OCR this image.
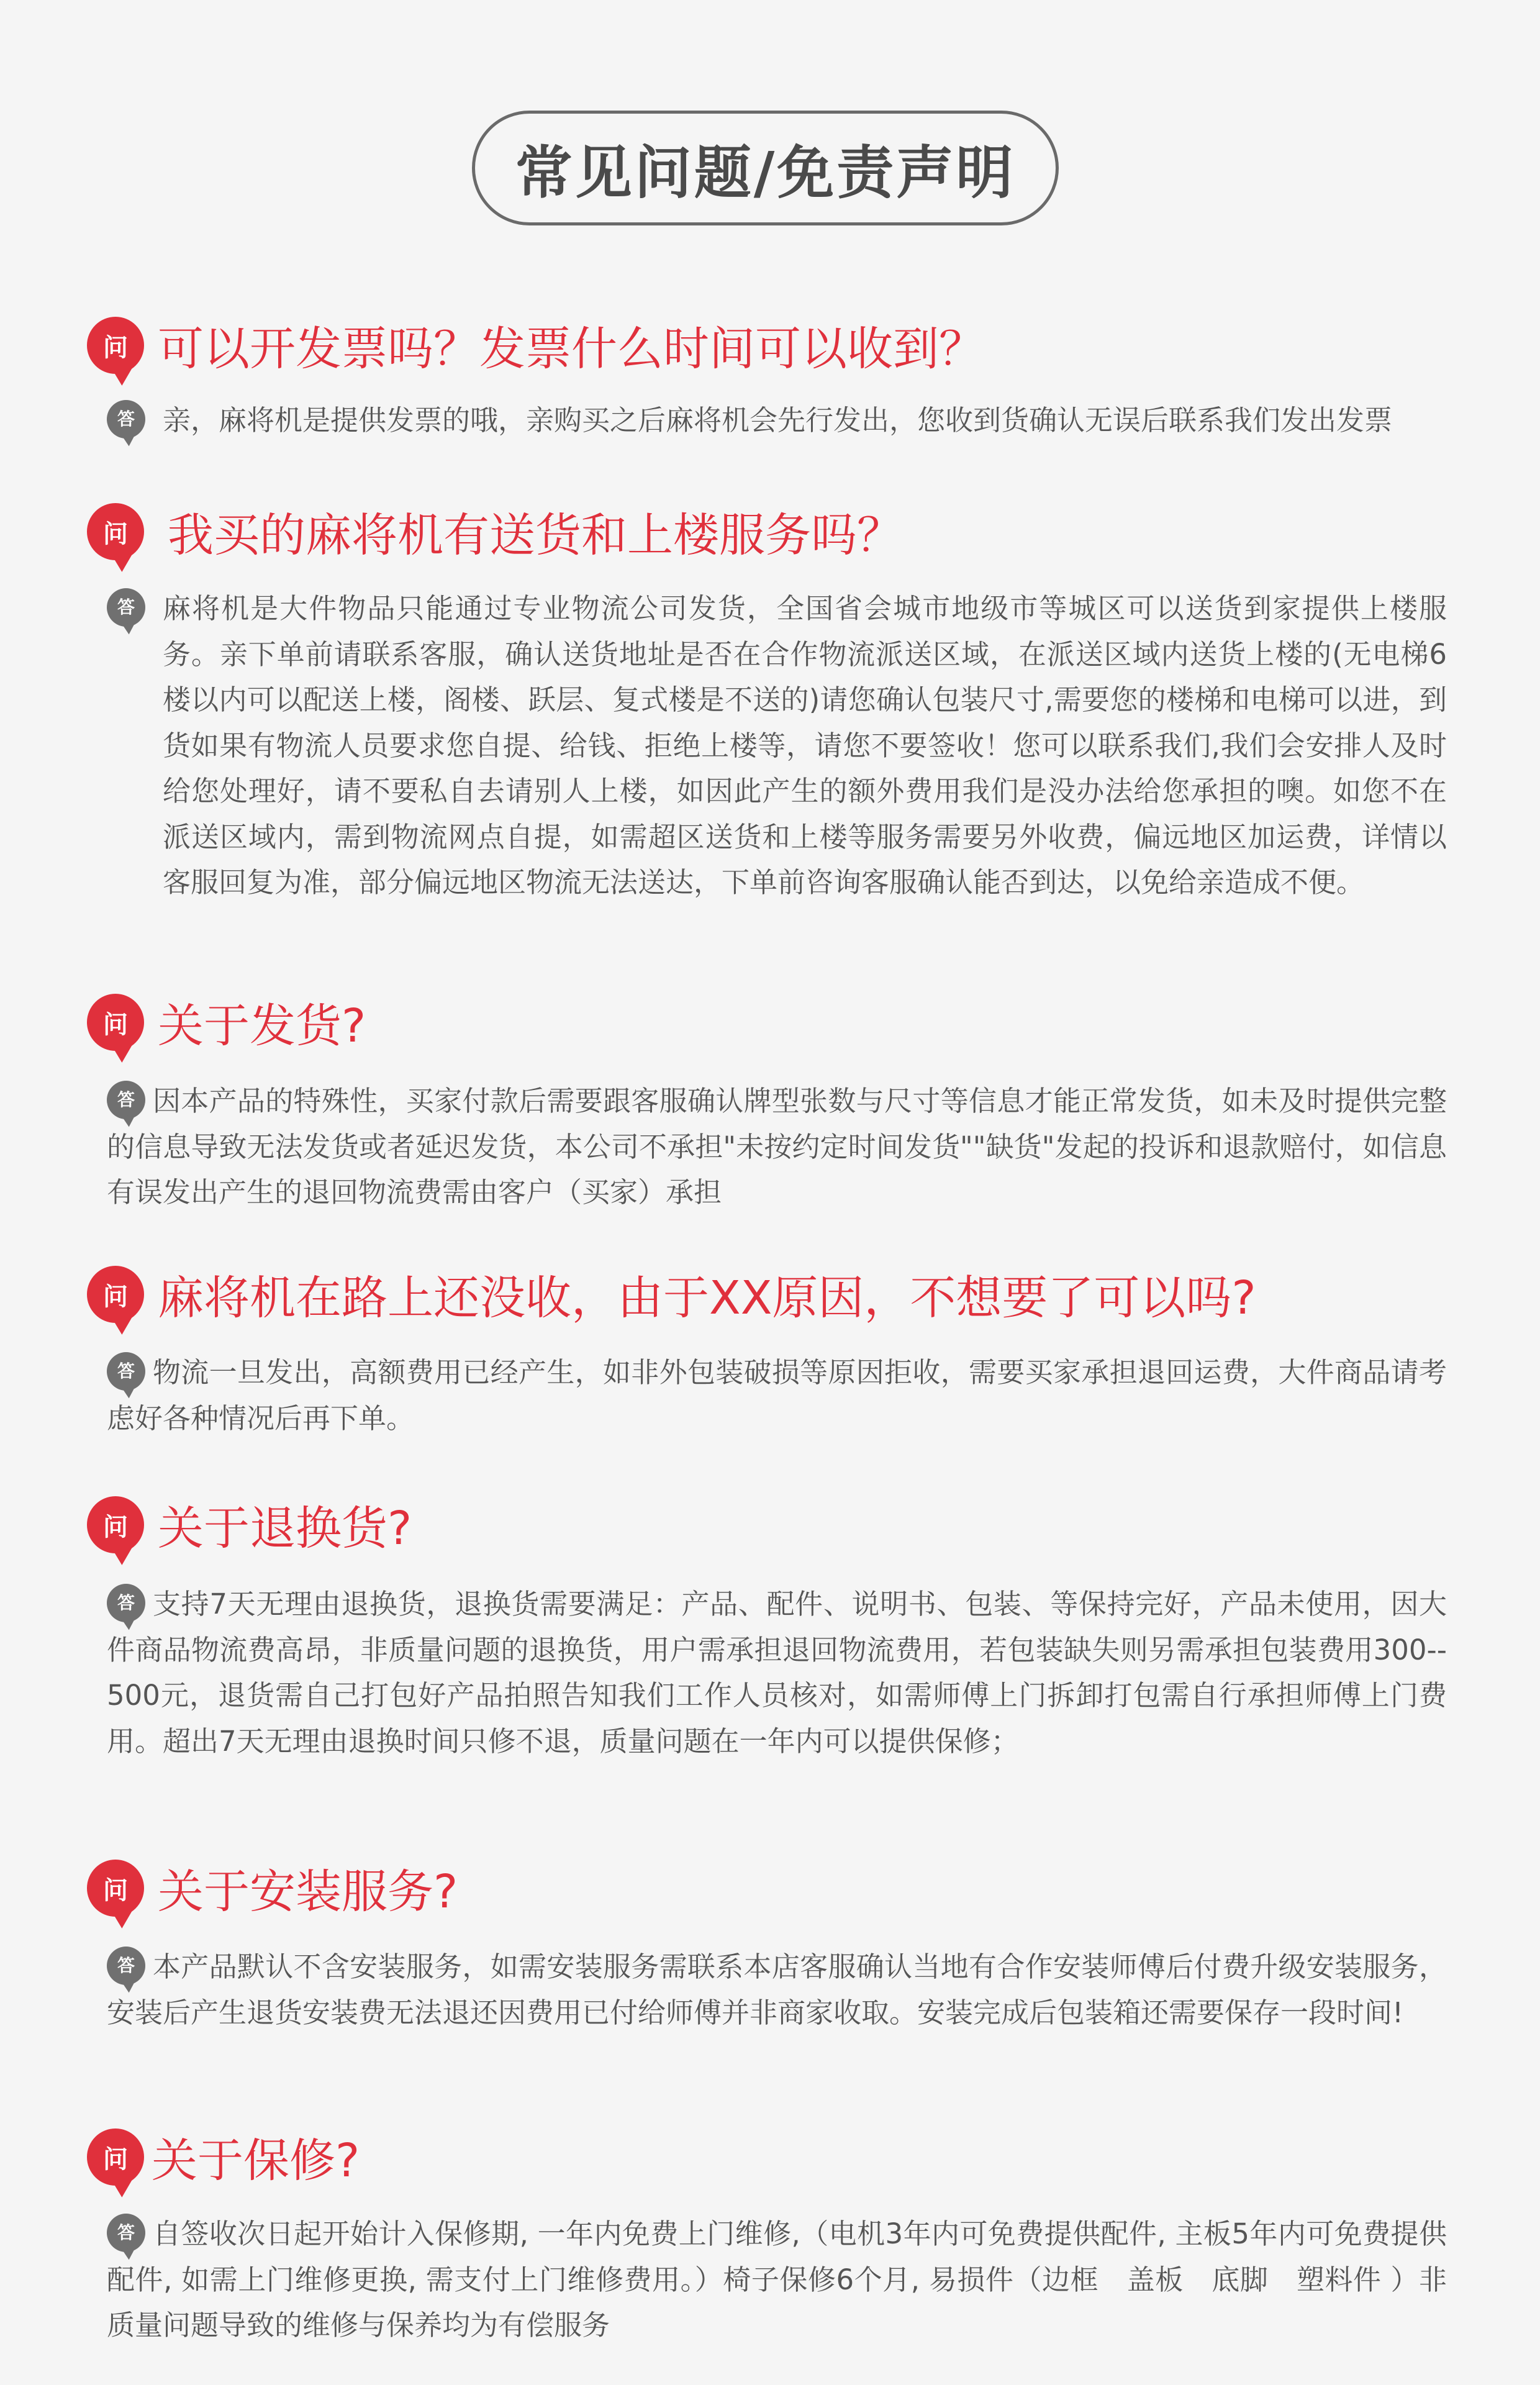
常见问题/免责声明
问 可以开发票吗？发票什么时间可以收到？
答	亲，麻将机是提供发票的哦，亲购买之后麻将机会先行发出，您收到货确认无误后联系我们发出发票
问 我买的麻将机有送货和上楼服务吗？
答	麻将机是大件物品只能通过专业物流公司发货，全国省会城市地级市等城区可以送货到家提供上楼服务。亲下单前请联系客服，确认送货地址是否在合作物流派送区域，在派送区域内送货上楼的(无电梯6楼以内可以配送上楼，阁楼、跃层、复式楼是不送的)请您确认包装尺寸,需要您的楼梯和电梯可以进，到货如果有物流人员要求您自提、给钱、拒绝上楼等，请您不要签收！您可以联系我们,我们会安排人及时给您处理好，请不要私自去请别人上楼，如因此产生的额外费用我们是没办法给您承担的噢。如您不在派送区域内，需到物流网点自提，如需超区送货和上楼等服务需要另外收费，偏远地区加运费，详情以客服回复为准，部分偏远地区物流无法送达，下单前咨询客服确认能否到达，以免给亲造成不便。
问 关于发货?
答 因本产品的特殊性，买家付款后需要跟客服确认牌型张数与尺寸等信息才能正常发货，如未及时提供完整的信息导致无法发货或者延迟发货，本公司不承担"未按约定时间发货""缺货"发起的投诉和退款赔付，如信息有误发出产生的退回物流费需由客户（买家）承担
问 麻将机在路上还没收，由于XX原因，不想要了可以吗?
答 物流一旦发出，高额费用已经产生，如非外包装破损等原因拒收，需要买家承担退回运费，大件商品请考虑好各种情况后再下单。
问 关于退换货?
答 支持7天无理由退换货，退换货需要满足：产品、配件、说明书、包装、等保持完好，产品未使用，因大件商品物流费高昂，非质量问题的退换货，用户需承担退回物流费用，若包装缺失则另需承担包装费用300--500元，退货需自己打包好产品拍照告知我们工作人员核对，如需师傅上门拆卸打包需自行承担师傅上门费用。超出7天无理由退换时间只修不退，质量问题在一年内可以提供保修；
问 关于安装服务?
答 本产品默认不含安装服务，如需安装服务需联系本店客服确认当地有合作安装师傅后付费升级安装服务，安装后产生退货安装费无法退还因费用已付给师傅并非商家收取。安装完成后包装箱还需要保存一段时间!
问 关于保修?
答 自签收次日起开始计入保修期, 一年内免费上门维修,（电机3年内可免费提供配件, 主板5年内可免费提供配件, 如需上门维修更换, 需支付上门维修费用。）椅子保修6个月, 易损件（边框　盖板　底脚　塑料件 ）非质量问题导致的维修与保养均为有偿服务
